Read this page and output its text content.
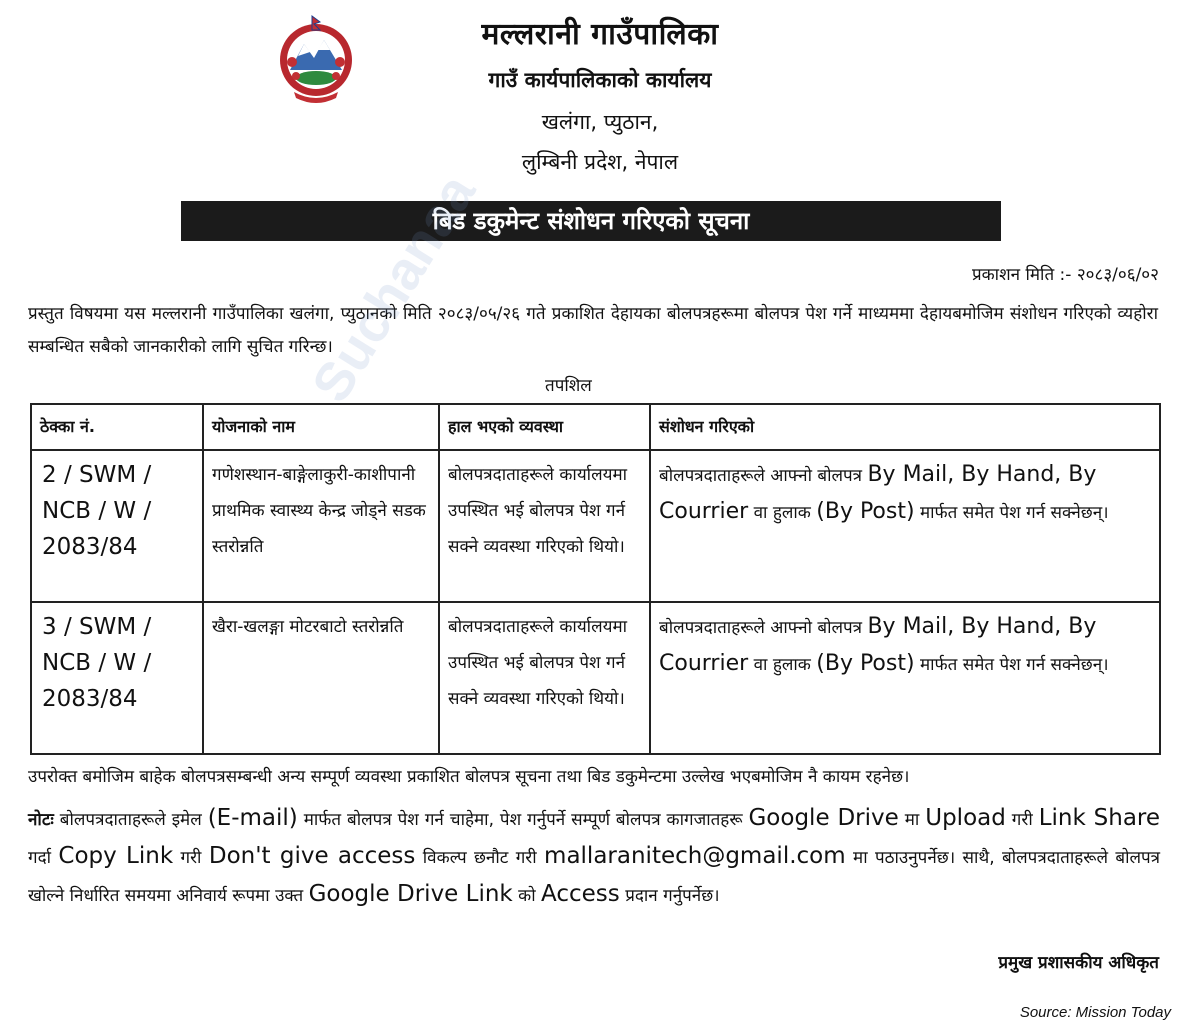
मल्लरानी गाउँपालिका
गाउँ कार्यपालिकाको कार्यालय
खलंगा, प्युठान,
लुम्बिनी प्रदेश, नेपाल
बिड डकुमेन्ट संशोधन गरिएको सूचना
प्रकाशन मिति :- २०८३/०६/०२
प्रस्तुत विषयमा यस मल्लरानी गाउँपालिका खलंगा, प्युठानको मिति २०८३/०५/२६ गते प्रकाशित देहायका बोलपत्रहरूमा बोलपत्र पेश गर्ने माध्यममा देहायबमोजिम संशोधन गरिएको व्यहोरा सम्बन्धित सबैको जानकारीको लागि सुचित गरिन्छ।
तपशिल
ठेक्का नं.	योजनाको नाम	हाल भएको व्यवस्था	संशोधन गरिएको
2 / SWM / NCB / W / 2083/84	गणेशस्थान-बाङ्गेलाकुरी-काशीपानी प्राथमिक स्वास्थ्य केन्द्र जोड्ने सडक स्तरोन्नति	बोलपत्रदाताहरूले कार्यालयमा उपस्थित भई बोलपत्र पेश गर्न सक्ने व्यवस्था गरिएको थियो।	बोलपत्रदाताहरूले आफ्नो बोलपत्र By Mail, By Hand, By Courrier वा हुलाक (By Post) मार्फत समेत पेश गर्न सक्नेछन्।
3 / SWM / NCB / W / 2083/84	खैरा-खलङ्गा मोटरबाटो स्तरोन्नति	बोलपत्रदाताहरूले कार्यालयमा उपस्थित भई बोलपत्र पेश गर्न सक्ने व्यवस्था गरिएको थियो।	बोलपत्रदाताहरूले आफ्नो बोलपत्र By Mail, By Hand, By Courrier वा हुलाक (By Post) मार्फत समेत पेश गर्न सक्नेछन्।
उपरोक्त बमोजिम बाहेक बोलपत्रसम्बन्धी अन्य सम्पूर्ण व्यवस्था प्रकाशित बोलपत्र सूचना तथा बिड डकुमेन्टमा उल्लेख भएबमोजिम नै कायम रहनेछ।
नोटः बोलपत्रदाताहरूले इमेल (E-mail) मार्फत बोलपत्र पेश गर्न चाहेमा, पेश गर्नुपर्ने सम्पूर्ण बोलपत्र कागजातहरू Google Drive मा Upload गरी Link Share गर्दा Copy Link गरी Don't give access विकल्प छनौट गरी mallaranitech@gmail.com मा पठाउनुपर्नेछ। साथै, बोलपत्रदाताहरूले बोलपत्र खोल्ने निर्धारित समयमा अनिवार्य रूपमा उक्त Google Drive Link को Access प्रदान गर्नुपर्नेछ।
प्रमुख प्रशासकीय अधिकृत
Source: Mission Today
Suchanaa
